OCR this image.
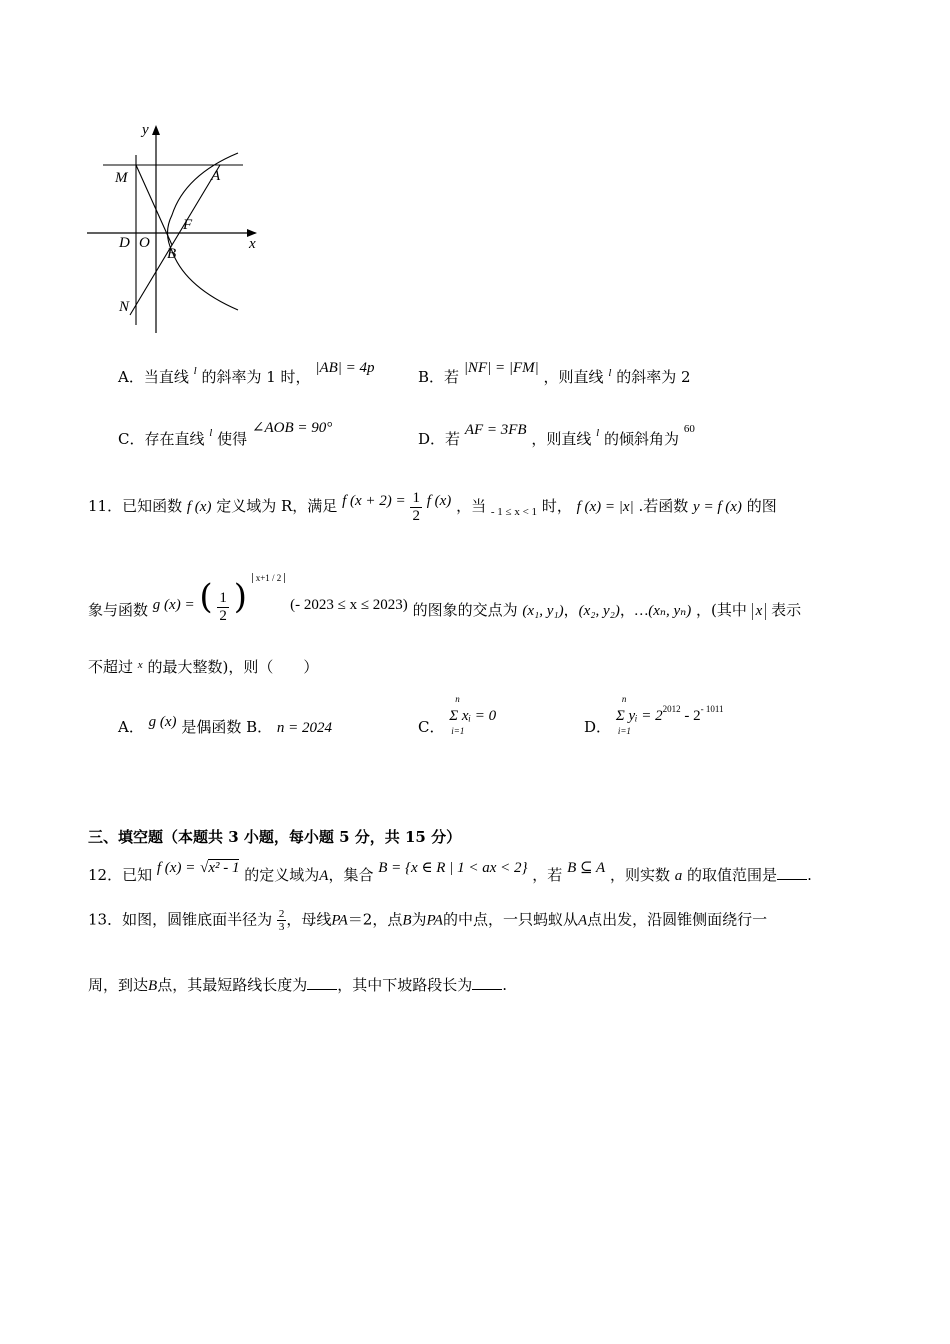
y
x
M	A
F
D O
B
N
A．当直线 $^l$ 的斜率为 1 时， |AB| = 4p	B．若 |NF| = |FM| ，则直线 $^l$ 的斜率为 2
C．存在直线 $^l$ 使得 ∠AOB = 90°
D．若 AF = 3FB ，则直线 $^l$ 的倾斜角为 $^{60}$
11．已知函数 f (x) 定义域为 R，满足 f $(x + 2) = \frac{1}{2}$ f (x) ，当 $_{- 1 \le x < 1}$ 时， f (x) = |x| .若函数 y = f (x) 的图
象与函数 g (x) = ( $\frac{1}{2}$ ) x+1 / 2 (- 2023 ≤ x ≤ 2023) 的图象的交点为 (x₁, y₁)，(x₂, y₂)，…(xₙ, yₙ) ，(其中 x 表示
不超过 $^x$ 的最大整数)，则（　　）
A． g (x) 是偶函数 B． n = 2024	C．
n
Σ xᵢ = 0
i=1	D．
n
Σ yᵢ = 22012 - 2- 1011
i=1
三、填空题（本题共 3 小题，每小题 5 分，共 15 分）
12．已知 f (x) = √x² - 1 的定义域为A，集合 B = {x ∈ R | 1 < ax < 2} ，若 B ⊆ A ，则实数 a 的取值范围是 .
13．如图，圆锥底面半径为 $\frac{2}{3}$ ，母线PA＝2，点B为PA的中点，一只蚂蚁从A点出发，沿圆锥侧面绕行一
周，到达B点，其最短路线长度为 ，其中下坡路段长为 .
